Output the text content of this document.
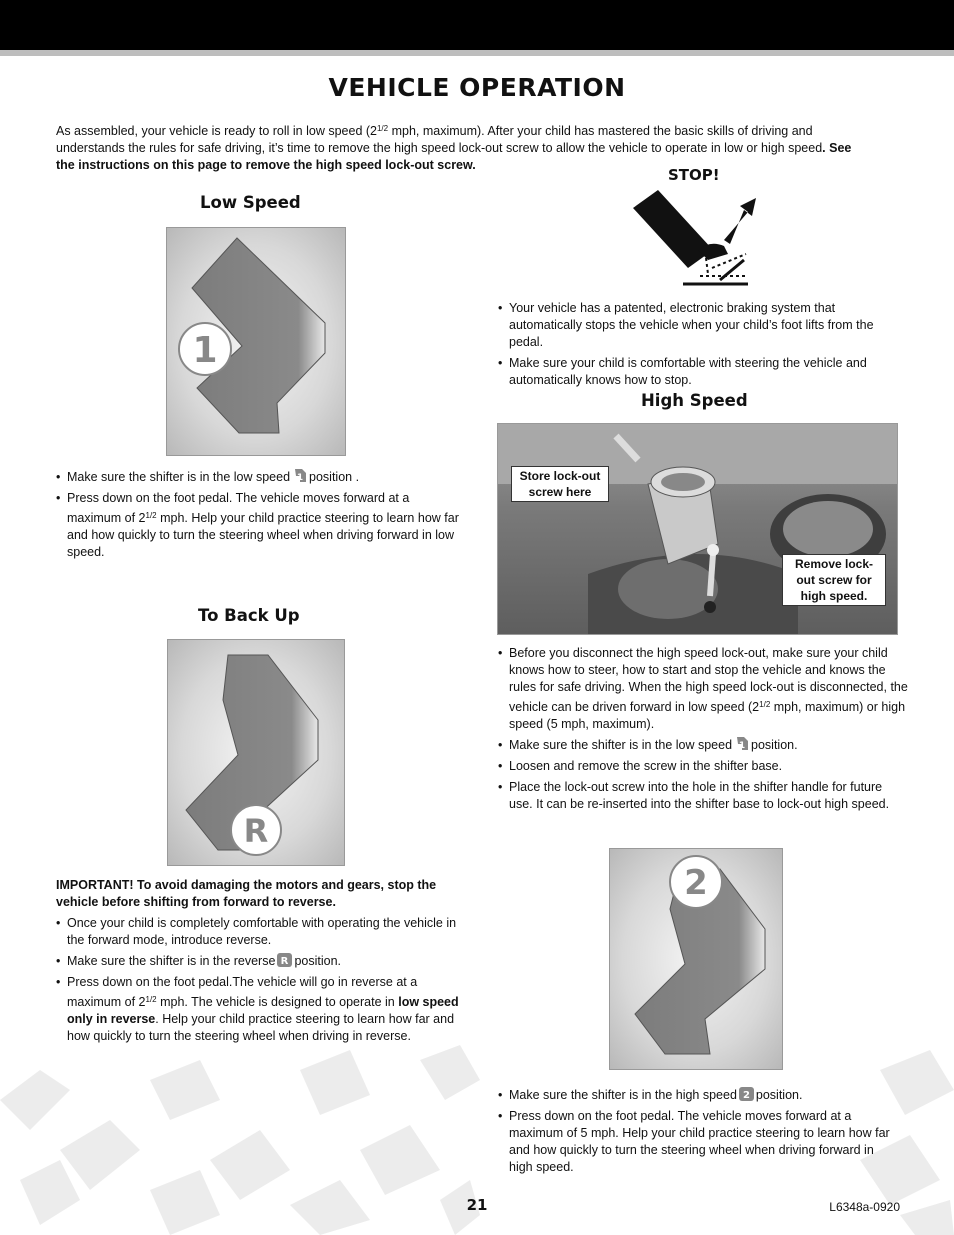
VEHICLE OPERATION
As assembled, your vehicle is ready to roll in low speed ($2^{1/2}$ mph, maximum). After your child has mastered the basic skills of driving and understands the rules for safe driving, it’s time to remove the high speed lock-out screw to allow the vehicle to operate in low or high speed. See the instructions on this page to remove the high speed lock-out screw.
Low Speed
1
• Make sure the shifter is in the low speed 1 position .
• Press down on the foot pedal. The vehicle moves forward at a maximum of $2^{1/2}$ mph. Help your child practice steering to learn how far and how quickly to turn the steering wheel when driving forward in low speed.
To Back Up
R
IMPORTANT! To avoid damaging the motors and gears, stop the vehicle before shifting from forward to reverse.
• Once your child is completely comfortable with operating the vehicle in the forward mode, introduce reverse.
• Make sure the shifter is in the reverse R position.
• Press down on the foot pedal.The vehicle will go in reverse at a maximum of $2^{1/2}$ mph. The vehicle is designed to operate in low speed only in reverse. Help your child practice steering to learn how far and how quickly to turn the steering wheel when driving in reverse.
STOP!
• Your vehicle has a patented, electronic braking system that automatically stops the vehicle when your child’s foot lifts from the pedal.
• Make sure your child is comfortable with steering the vehicle and automatically knows how to stop.
High Speed
Store lock-out screw here
Remove lock-out screw for high speed.
• Before you disconnect the high speed lock-out, make sure your child knows how to steer, how to start and stop the vehicle and knows the rules for safe driving. When the high speed lock-out is disconnected, the vehicle can be driven forward in low speed ($2^{1/2}$ mph, maximum) or high speed (5 mph, maximum).
• Make sure the shifter is in the low speed 1 position.
• Loosen and remove the screw in the shifter base.
• Place the lock-out screw into the hole in the shifter handle for future use. It can be re-inserted into the shifter base to lock-out high speed.
2
• Make sure the shifter is in the high speed 2 position.
• Press down on the foot pedal. The vehicle moves forward at a maximum of 5 mph. Help your child practice steering to learn how far and how quickly to turn the steering wheel when driving forward in high speed.
21	L6348a-0920
